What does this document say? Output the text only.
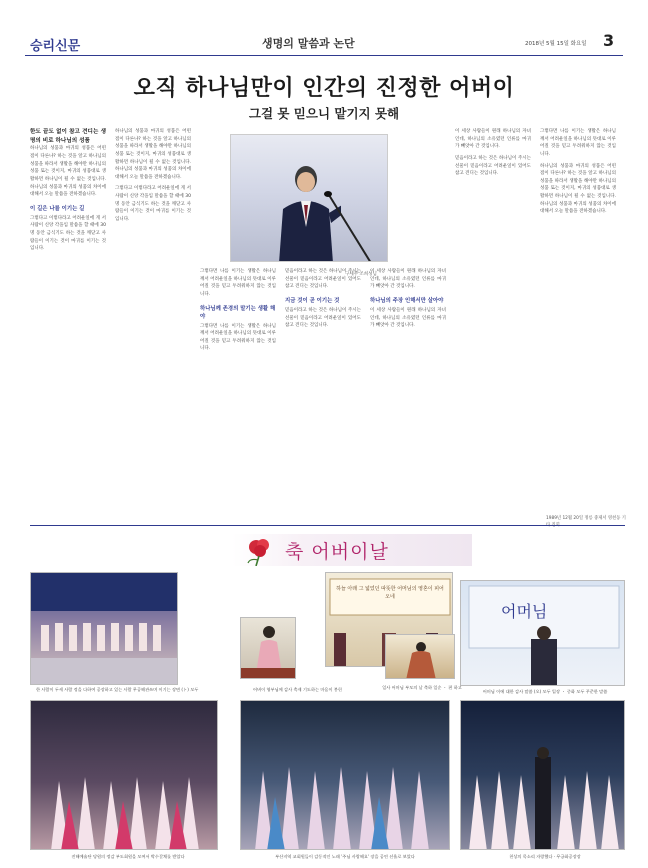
승리신문	생명의 말씀과 논단	2018년 5월 15일 화요일 3
오직 하나님만이 인간의 진정한 어버이
그걸 못 믿으니 맡기지 못해

한도 끝도 없이 참고 견디는 생명의 비로 하나님의 성품

하나님의 성품과 마귀의 성품은 어떤 점이 다른냐? 하는 것을 알고 하나님의 성품을 따라서 생활을 해야만 하나님의 성품 또는 것이지, 마귀의 성품대로 생활하면 하나님이 될 수 없는 것입니다. 하나님의 성품과 마귀의 성품의 차이에 대해서 오늘 말씀을 전하겠습니다.

이 길은 나를 이기는 길

그렇다고 이렇다라고 어려운일에 게 서 사람이 신앙 각을입 말씀을 할 때에 30명 동안 금식기도 하는 것을 깨닫고 사람들이 이기는 것이 마귀를 이기는 것입니다.

하나님의 성품과 마귀의 성품은 어떤 점이 다른냐? 하는 것을 알고 하나님의 성품을 따라서 생활을 해야만 하나님의 성품 또는 것이지, 마귀의 성품대로 생활하면 하나님이 될 수 없는 것입니다. 하나님의 성품과 마귀의 성품의 차이에 대해서 오늘 말씀을 전하겠습니다.

그렇다고 이렇다라고 어려운일에 게 서 사람이 신앙 각을입 말씀을 할 때에 30명 동안 금식기도 하는 것을 깨닫고 사람들이 이기는 것이 마귀를 이기는 것입니다.

그렇다면 나를 이기는 생활은 하나님 께서 어려운일을 하나님의 뜻대로 이루어질 것을 믿고 두려워하지 않는 것입니다.

하나님께 존경의 말기는 생활 해야

그렇다면 나를 이기는 생활은 하나님 께서 어려운일을 하나님의 뜻대로 이루어질 것을 믿고 두려워하지 않는 것입니다.

믿음이라고 하는 것은 하나님이 주시는 선물이 믿음이라고 어려운일이 있어도 참고 견디는 것입니다.

지금 것이 곧 이기는 것

믿음이라고 하는 것은 하나님이 주시는 선물이 믿음이라고 어려운일이 있어도 참고 견디는 것입니다.

이 세상 사람들이 원래 하나님의 자녀인데, 하나님의 소유였던 인류를 마귀가 빼앗아 간 것입니다.

하나님의 주장 인해서만 살아야

이 세상 사람들이 원래 하나님의 자녀인데, 하나님의 소유였던 인류를 마귀가 빼앗아 간 것입니다.

이 세상 사람들이 원래 하나님의 자녀인데, 하나님의 소유였던 인류를 마귀가 빼앗아 간 것입니다.

믿음이라고 하는 것은 하나님이 주시는 선물이 믿음이라고 어려운일이 있어도 참고 견디는 것입니다.

그렇다면 나를 이기는 생활은 하나님 께서 어려운일을 하나님의 뜻대로 이루어질 것을 믿고 두려워하지 않는 것입니다.

하나님의 성품과 마귀의 성품은 어떤 점이 다른냐? 하는 것을 알고 하나님의 성품을 따라서 생활을 해야만 하나님의 성품 또는 것이지, 마귀의 성품대로 생활하면 하나님이 될 수 없는 것입니다. 하나님의 성품과 마귀의 성품의 차이에 대해서 오늘 말씀을 전하겠습니다.

구세주 조희성님
1989년 12월 20일 정릉 중제서 영천동 기
축 어버이날
하늘 아래 그 넓었던 따뜻한 어머님의 영혼이 피어 오네
어머님
한 사람이 두세 사람 정을 다하여 공장하고 있는 사람 무공해관쓰며 이기는 장면 (ト) 모두	어버이 영부님께 감사 축제 기도하는 마음이 봉헌	일사 어머님 부모의 날 축하 일순 ・ 편 하고
어머님 이에 대한 감사 말씀 (오) 모두 입장 ・ 중화 모두 꾸준한 말씀
진해예술단 당원의 정감 부도회원을 모여서 박수갈채를 받았다	부산지역 교회원들이 감동적인 노래 '주님 사랑해요' 장을 공연 선율로 보았다	천상의 목소리 자랑했다 · 무궁화공장장
